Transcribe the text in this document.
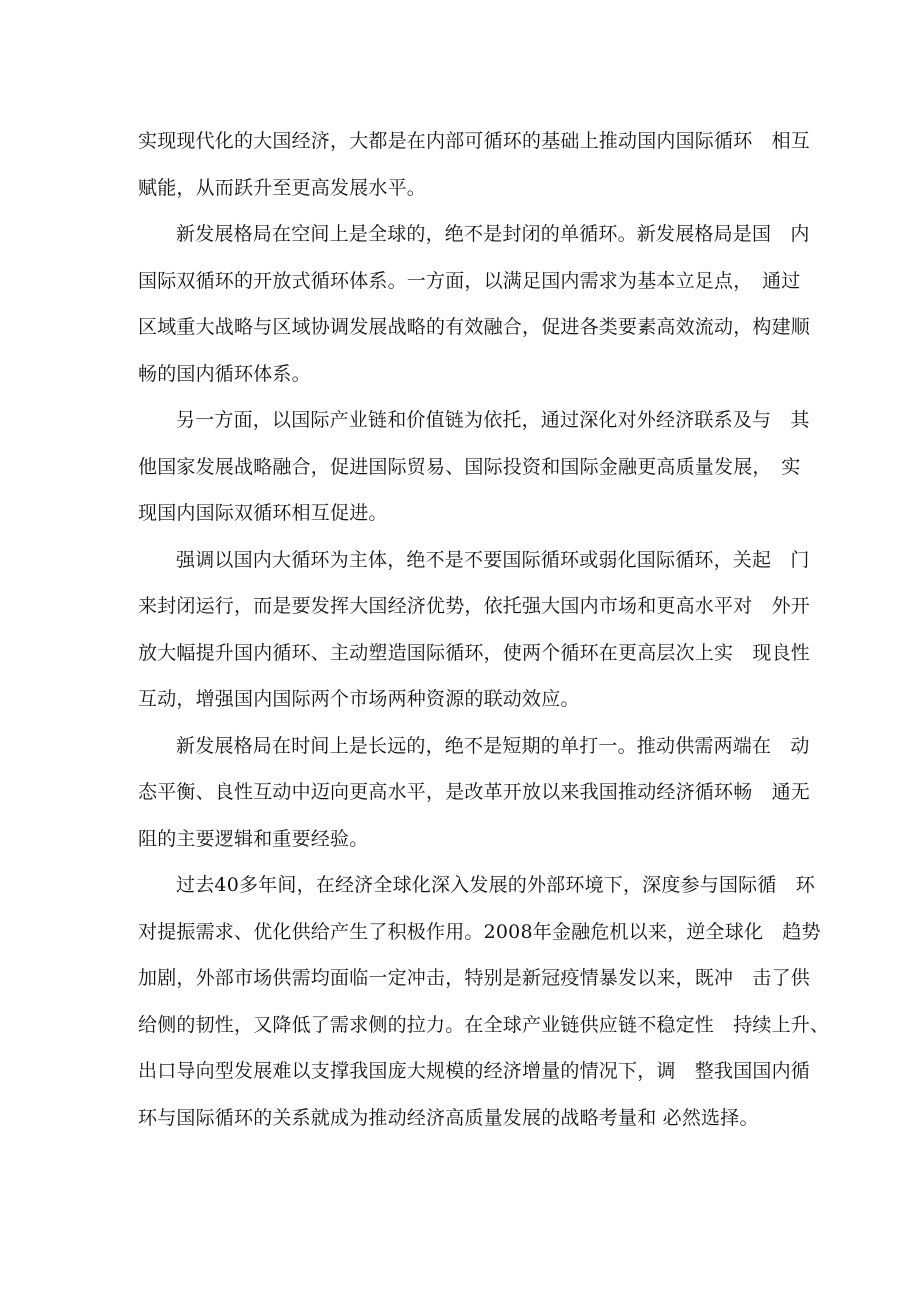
实现现代化的大国经济，大都是在内部可循环的基础上推动国内国际循环　相互
赋能，从而跃升至更高发展水平。

新发展格局在空间上是全球的，绝不是封闭的单循环。新发展格局是国　内
国际双循环的开放式循环体系。一方面，以满足国内需求为基本立足点，　通过
区域重大战略与区域协调发展战略的有效融合，促进各类要素高效流动，构建顺
畅的国内循环体系。

另一方面，以国际产业链和价值链为依托，通过深化对外经济联系及与　其
他国家发展战略融合，促进国际贸易、国际投资和国际金融更高质量发展，　实
现国内国际双循环相互促进。

强调以国内大循环为主体，绝不是不要国际循环或弱化国际循环，关起　门
来封闭运行，而是要发挥大国经济优势，依托强大国内市场和更高水平对　外开
放大幅提升国内循环、主动塑造国际循环，使两个循环在更高层次上实　现良性
互动，增强国内国际两个市场两种资源的联动效应。

新发展格局在时间上是长远的，绝不是短期的单打一。推动供需两端在　动
态平衡、良性互动中迈向更高水平，是改革开放以来我国推动经济循环畅　通无
阻的主要逻辑和重要经验。

过去40多年间，在经济全球化深入发展的外部环境下，深度参与国际循　环
对提振需求、优化供给产生了积极作用。2008年金融危机以来，逆全球化　趋势
加剧，外部市场供需均面临一定冲击，特别是新冠疫情暴发以来，既冲　击了供
给侧的韧性，又降低了需求侧的拉力。在全球产业链供应链不稳定性　持续上升、
出口导向型发展难以支撑我国庞大规模的经济增量的情况下，调　整我国国内循
环与国际循环的关系就成为推动经济高质量发展的战略考量和 必然选择。
